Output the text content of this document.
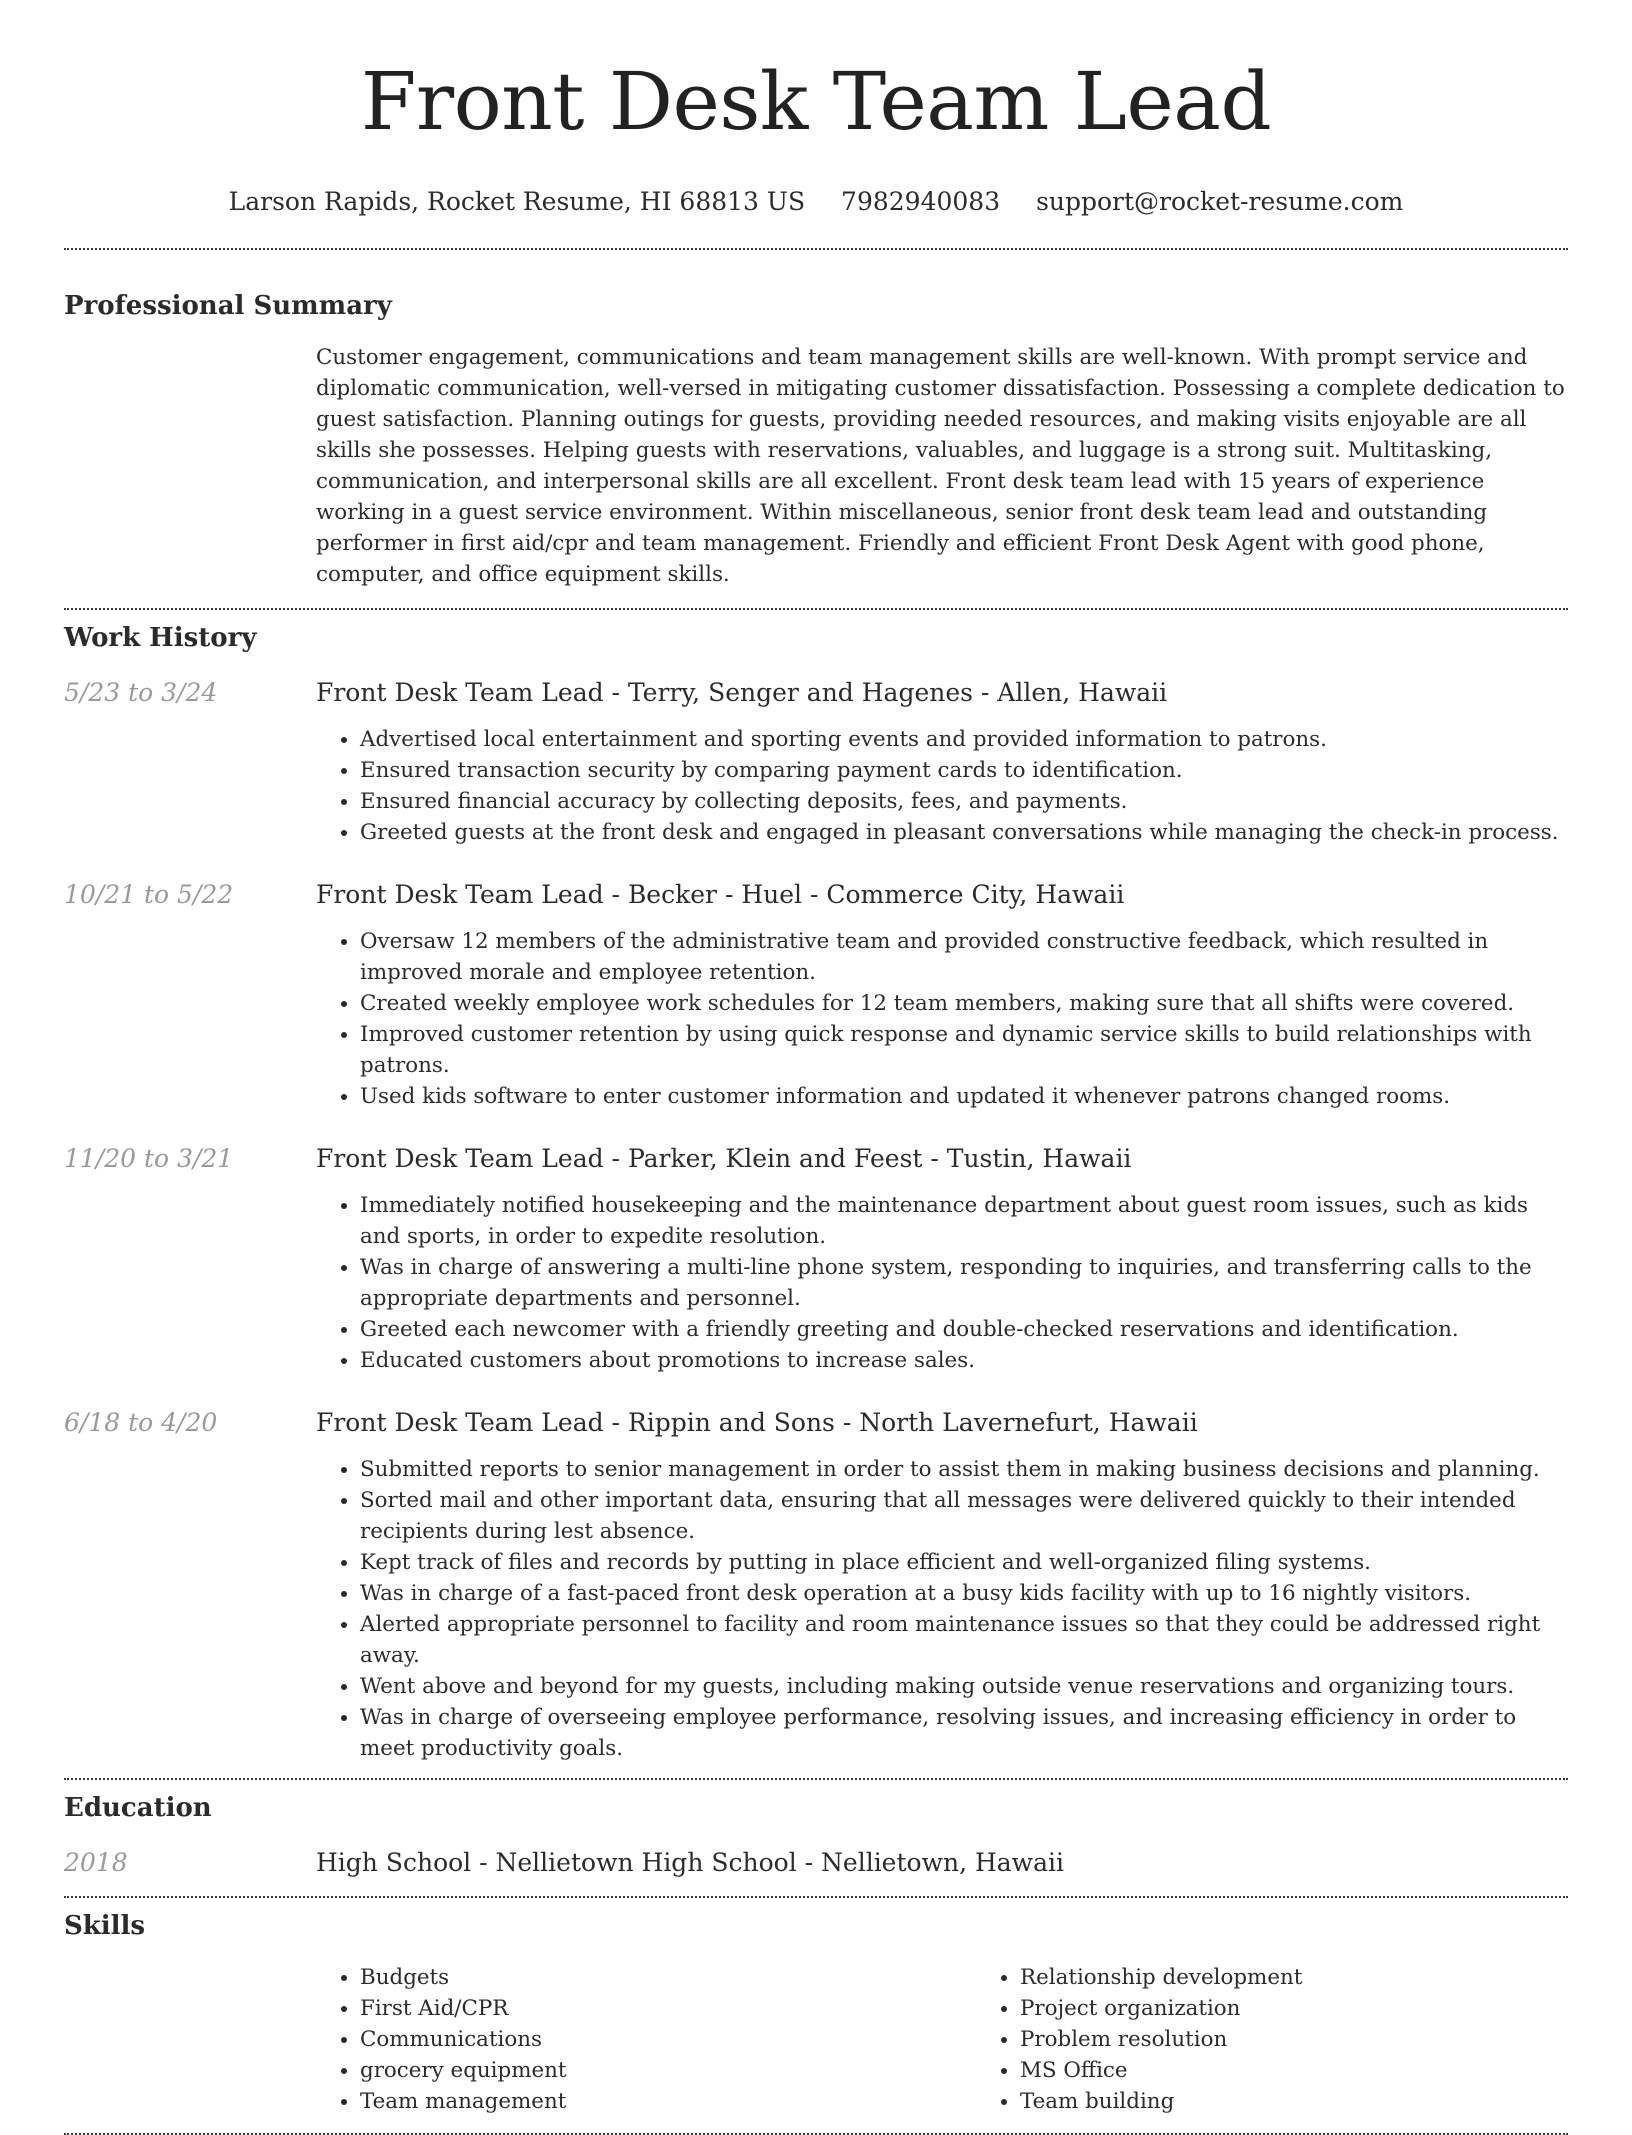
Front Desk Team Lead
Larson Rapids, Rocket Resume, HI 68813 US 7982940083 support@rocket-resume.com
Professional Summary

Customer engagement, communications and team management skills are well-known. With prompt service and diplomatic communication, well-versed in mitigating customer dissatisfaction. Possessing a complete dedication to guest satisfaction. Planning outings for guests, providing needed resources, and making visits enjoyable are all skills she possesses. Helping guests with reservations, valuables, and luggage is a strong suit. Multitasking, communication, and interpersonal skills are all excellent. Front desk team lead with 15 years of experience working in a guest service environment. Within miscellaneous, senior front desk team lead and outstanding performer in first aid/cpr and team management. Friendly and efficient Front Desk Agent with good phone, computer, and office equipment skills.

Work History
5/23 to 3/24	Front Desk Team Lead - Terry, Senger and Hagenes - Allen, Hawaii

• Advertised local entertainment and sporting events and provided information to patrons.
• Ensured transaction security by comparing payment cards to identification.
• Ensured financial accuracy by collecting deposits, fees, and payments.
• Greeted guests at the front desk and engaged in pleasant conversations while managing the check-in process.
10/21 to 5/22	Front Desk Team Lead - Becker - Huel - Commerce City, Hawaii

• Oversaw 12 members of the administrative team and provided constructive feedback, which resulted in improved morale and employee retention.
• Created weekly employee work schedules for 12 team members, making sure that all shifts were covered.
• Improved customer retention by using quick response and dynamic service skills to build relationships with patrons.
• Used kids software to enter customer information and updated it whenever patrons changed rooms.
11/20 to 3/21	Front Desk Team Lead - Parker, Klein and Feest - Tustin, Hawaii

• Immediately notified housekeeping and the maintenance department about guest room issues, such as kids and sports, in order to expedite resolution.
• Was in charge of answering a multi-line phone system, responding to inquiries, and transferring calls to the appropriate departments and personnel.
• Greeted each newcomer with a friendly greeting and double-checked reservations and identification.
• Educated customers about promotions to increase sales.
6/18 to 4/20	Front Desk Team Lead - Rippin and Sons - North Lavernefurt, Hawaii

• Submitted reports to senior management in order to assist them in making business decisions and planning.
• Sorted mail and other important data, ensuring that all messages were delivered quickly to their intended recipients during lest absence.
• Kept track of files and records by putting in place efficient and well-organized filing systems.
• Was in charge of a fast-paced front desk operation at a busy kids facility with up to 16 nightly visitors.
• Alerted appropriate personnel to facility and room maintenance issues so that they could be addressed right away.
• Went above and beyond for my guests, including making outside venue reservations and organizing tours.
• Was in charge of overseeing employee performance, resolving issues, and increasing efficiency in order to meet productivity goals.
Education
2018	High School - Nellietown High School - Nellietown, Hawaii

Skills
• Budgets
• First Aid/CPR
• Communications
• grocery equipment
• Team management
• Relationship development
• Project organization
• Problem resolution
• MS Office
• Team building
